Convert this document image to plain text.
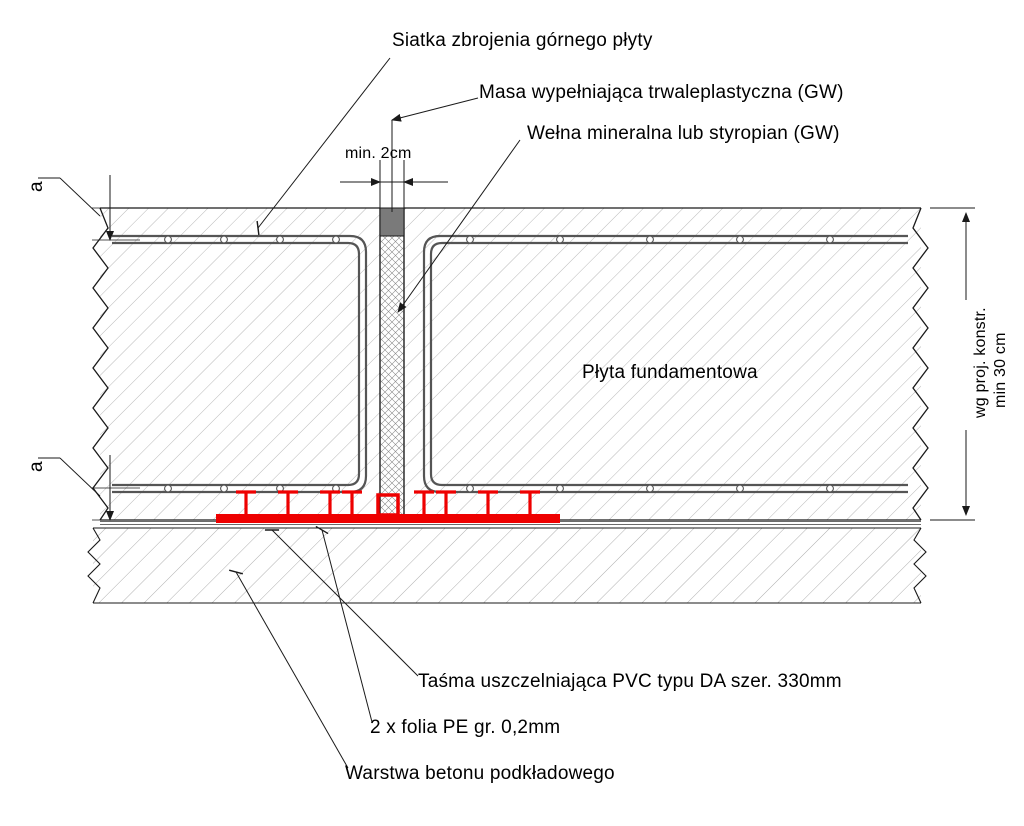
Siatka zbrojenia górnego płyty
Masa wypełniająca trwaleplastyczna (GW)
Wełna mineralna lub styropian (GW)
Płyta fundamentowa
min. 2cm
wg proj. konstr. min 30 cm
a
a
Taśma uszczelniająca PVC typu DA szer. 330mm
2 x folia PE gr. 0,2mm
Warstwa betonu podkładowego
